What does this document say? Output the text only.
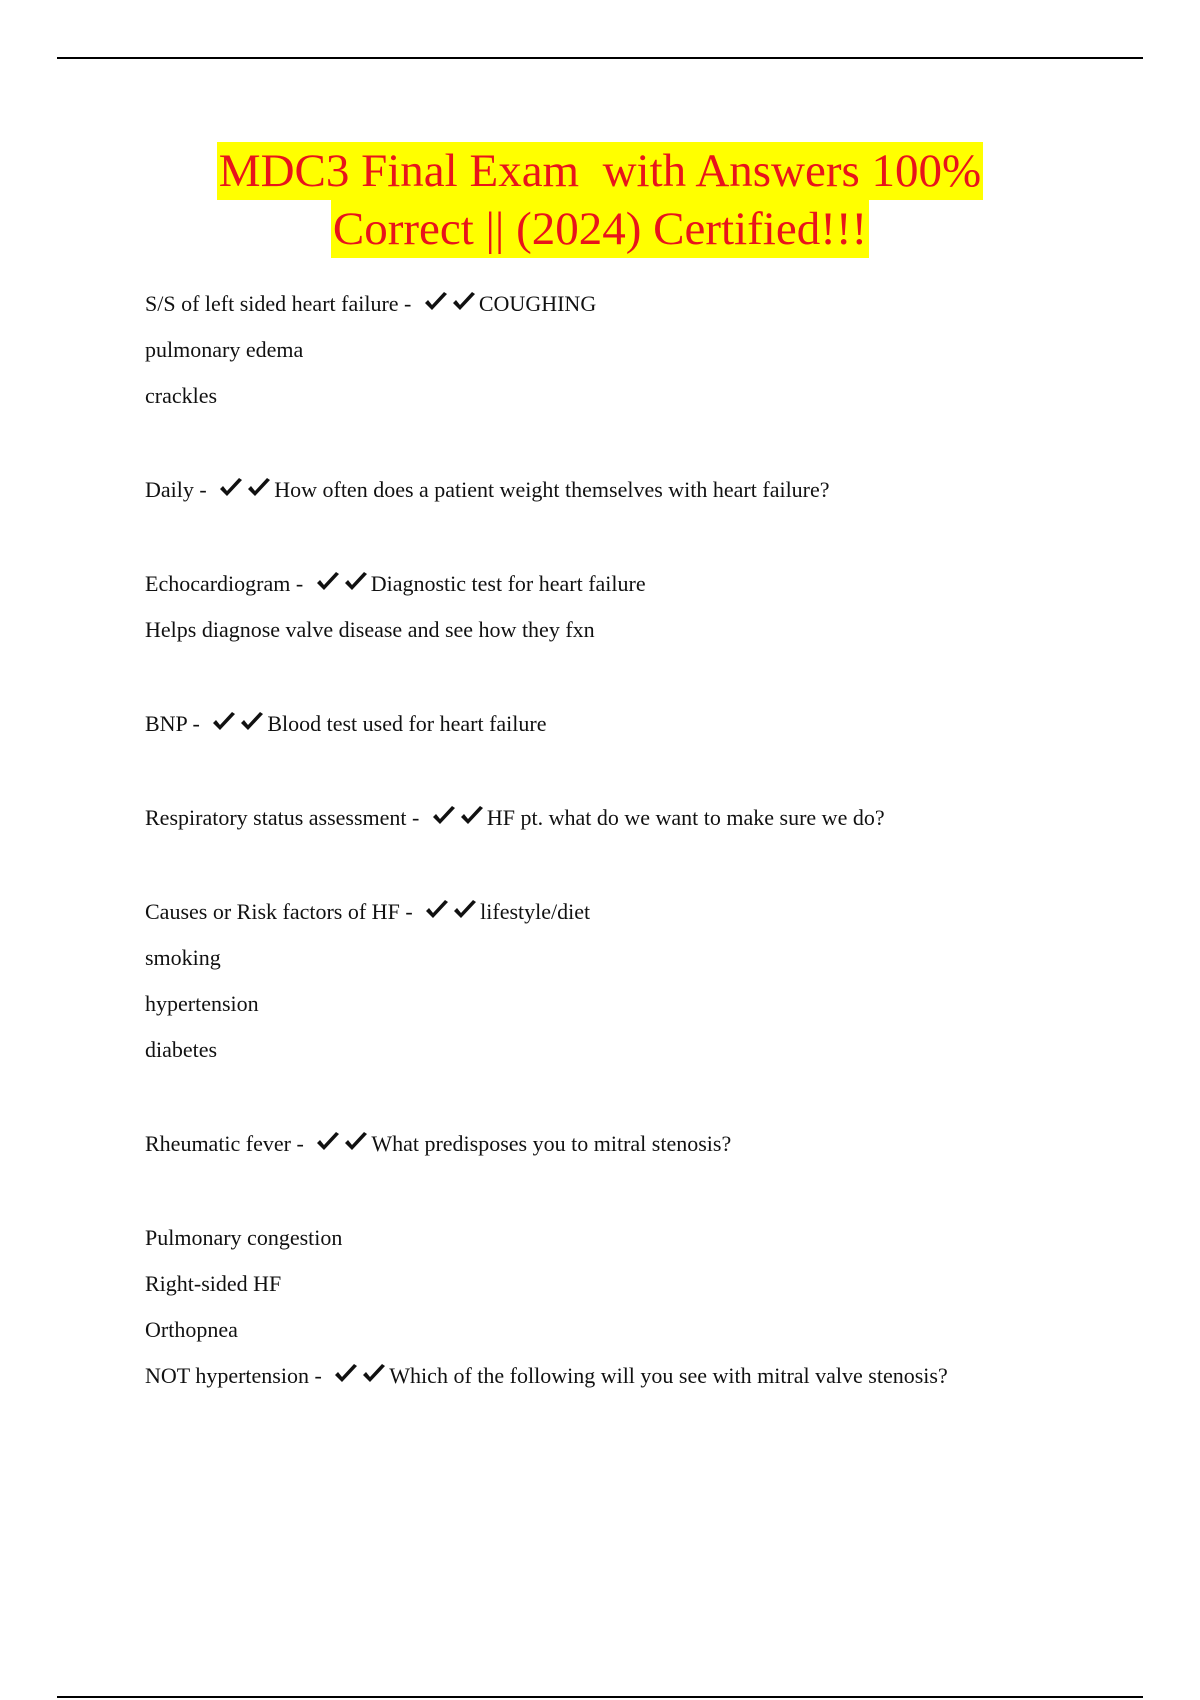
MDC3 Final Exam  with Answers 100%
Correct || (2024) Certified!!!
S/S of left sided heart failure -	COUGHING
pulmonary edema
crackles
Daily -	How often does a patient weight themselves with heart failure?
Echocardiogram -	Diagnostic test for heart failure
Helps diagnose valve disease and see how they fxn
BNP -	Blood test used for heart failure
Respiratory status assessment -	HF pt. what do we want to make sure we do?
Causes or Risk factors of HF -	lifestyle/diet
smoking
hypertension
diabetes
Rheumatic fever -	What predisposes you to mitral stenosis?
Pulmonary congestion
Right-sided HF
Orthopnea
NOT hypertension -	Which of the following will you see with mitral valve stenosis?
